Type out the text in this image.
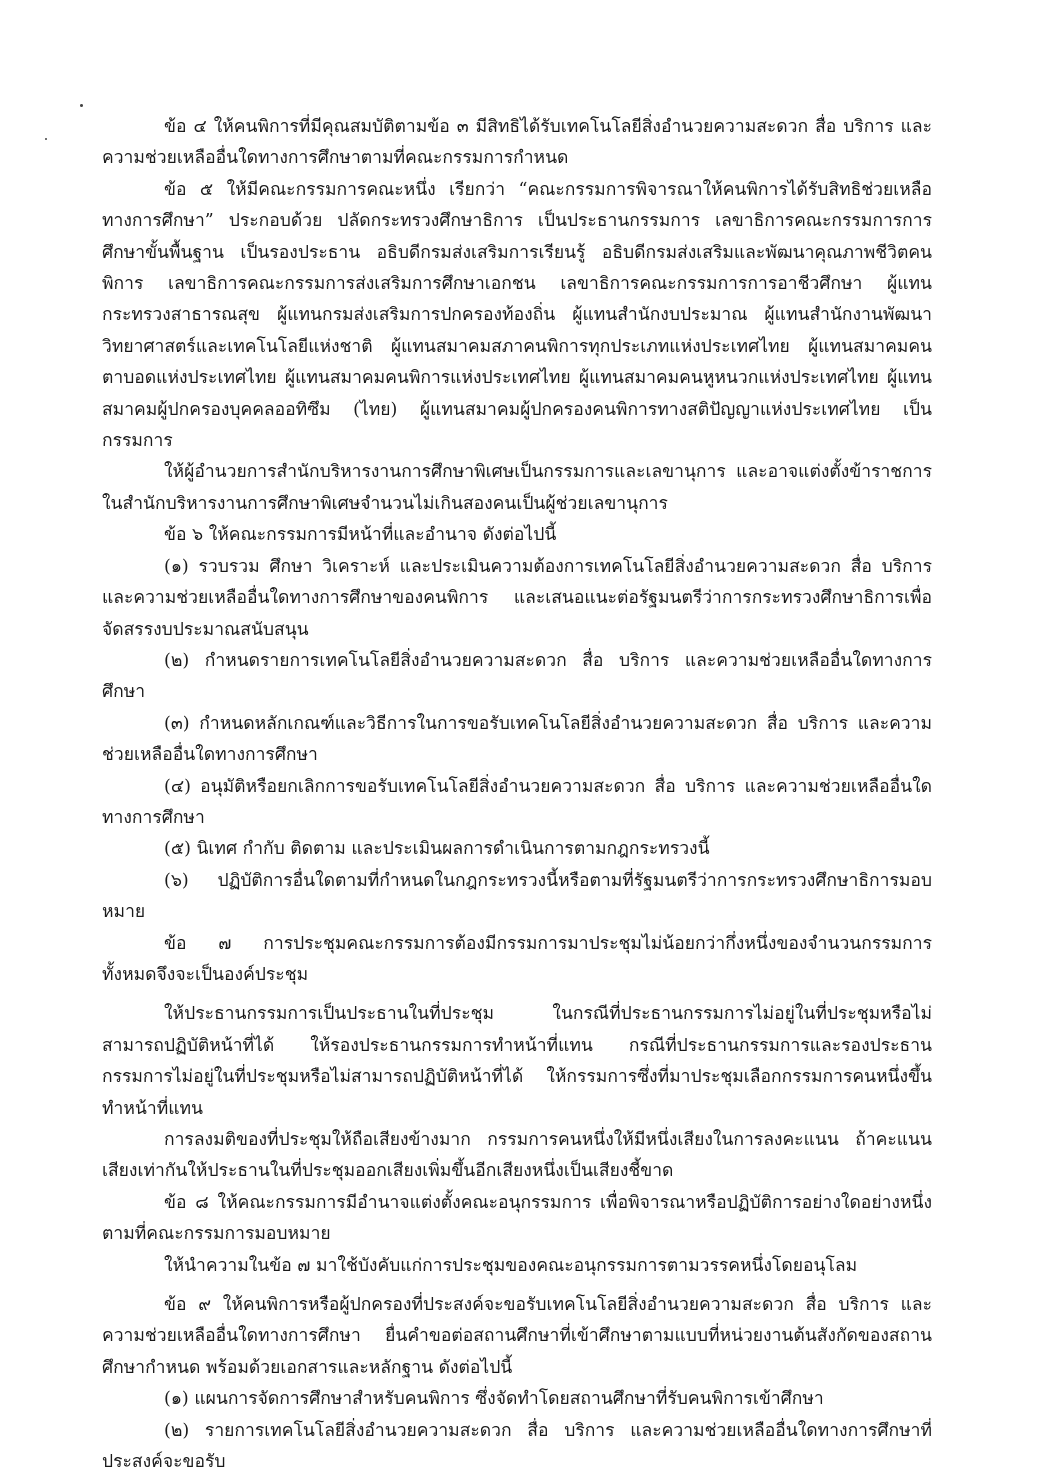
ข้อ ๔ ให้คนพิการที่มีคุณสมบัติตามข้อ ๓ มีสิทธิได้รับเทคโนโลยีสิ่งอำนวยความสะดวก สื่อ บริการ และความช่วยเหลืออื่นใดทางการศึกษาตามที่คณะกรรมการกำหนด

ข้อ ๕ ให้มีคณะกรรมการคณะหนึ่ง เรียกว่า “คณะกรรมการพิจารณาให้คนพิการได้รับสิทธิช่วยเหลือทางการศึกษา” ประกอบด้วย ปลัดกระทรวงศึกษาธิการ เป็นประธานกรรมการ เลขาธิการคณะกรรมการการศึกษาขั้นพื้นฐาน เป็นรองประธาน อธิบดีกรมส่งเสริมการเรียนรู้ อธิบดีกรมส่งเสริมและพัฒนาคุณภาพชีวิตคนพิการ เลขาธิการคณะกรรมการส่งเสริมการศึกษาเอกชน เลขาธิการคณะกรรมการการอาชีวศึกษา ผู้แทนกระทรวงสาธารณสุข ผู้แทนกรมส่งเสริมการปกครองท้องถิ่น ผู้แทนสำนักงบประมาณ ผู้แทนสำนักงานพัฒนาวิทยาศาสตร์และเทคโนโลยีแห่งชาติ ผู้แทนสมาคมสภาคนพิการทุกประเภทแห่งประเทศไทย ผู้แทนสมาคมคนตาบอดแห่งประเทศไทย ผู้แทนสมาคมคนพิการแห่งประเทศไทย ผู้แทนสมาคมคนหูหนวกแห่งประเทศไทย ผู้แทนสมาคมผู้ปกครองบุคคลออทิซึม (ไทย) ผู้แทนสมาคมผู้ปกครองคนพิการทางสติปัญญาแห่งประเทศไทย เป็นกรรมการ

ให้ผู้อำนวยการสำนักบริหารงานการศึกษาพิเศษเป็นกรรมการและเลขานุการ และอาจแต่งตั้งข้าราชการในสำนักบริหารงานการศึกษาพิเศษจำนวนไม่เกินสองคนเป็นผู้ช่วยเลขานุการ

ข้อ ๖ ให้คณะกรรมการมีหน้าที่และอำนาจ ดังต่อไปนี้

(๑) รวบรวม ศึกษา วิเคราะห์ และประเมินความต้องการเทคโนโลยีสิ่งอำนวยความสะดวก สื่อ บริการ และความช่วยเหลืออื่นใดทางการศึกษาของคนพิการ และเสนอแนะต่อรัฐมนตรีว่าการกระทรวงศึกษาธิการเพื่อจัดสรรงบประมาณสนับสนุน

(๒) กำหนดรายการเทคโนโลยีสิ่งอำนวยความสะดวก สื่อ บริการ และความช่วยเหลืออื่นใดทางการศึกษา

(๓) กำหนดหลักเกณฑ์และวิธีการในการขอรับเทคโนโลยีสิ่งอำนวยความสะดวก สื่อ บริการ และความช่วยเหลืออื่นใดทางการศึกษา

(๔) อนุมัติหรือยกเลิกการขอรับเทคโนโลยีสิ่งอำนวยความสะดวก สื่อ บริการ และความช่วยเหลืออื่นใดทางการศึกษา

(๕) นิเทศ กำกับ ติดตาม และประเมินผลการดำเนินการตามกฎกระทรวงนี้

(๖) ปฏิบัติการอื่นใดตามที่กำหนดในกฎกระทรวงนี้หรือตามที่รัฐมนตรีว่าการกระทรวงศึกษาธิการมอบหมาย

ข้อ ๗ การประชุมคณะกรรมการต้องมีกรรมการมาประชุมไม่น้อยกว่ากึ่งหนึ่งของจำนวนกรรมการทั้งหมดจึงจะเป็นองค์ประชุม

ให้ประธานกรรมการเป็นประธานในที่ประชุม ในกรณีที่ประธานกรรมการไม่อยู่ในที่ประชุมหรือไม่สามารถปฏิบัติหน้าที่ได้ ให้รองประธานกรรมการทำหน้าที่แทน กรณีที่ประธานกรรมการและรองประธานกรรมการไม่อยู่ในที่ประชุมหรือไม่สามารถปฏิบัติหน้าที่ได้ ให้กรรมการซึ่งที่มาประชุมเลือกกรรมการคนหนึ่งขึ้นทำหน้าที่แทน

การลงมติของที่ประชุมให้ถือเสียงข้างมาก กรรมการคนหนึ่งให้มีหนึ่งเสียงในการลงคะแนน ถ้าคะแนนเสียงเท่ากันให้ประธานในที่ประชุมออกเสียงเพิ่มขึ้นอีกเสียงหนึ่งเป็นเสียงชี้ขาด

ข้อ ๘ ให้คณะกรรมการมีอำนาจแต่งตั้งคณะอนุกรรมการ เพื่อพิจารณาหรือปฏิบัติการอย่างใดอย่างหนึ่งตามที่คณะกรรมการมอบหมาย

ให้นำความในข้อ ๗ มาใช้บังคับแก่การประชุมของคณะอนุกรรมการตามวรรคหนึ่งโดยอนุโลม

ข้อ ๙ ให้คนพิการหรือผู้ปกครองที่ประสงค์จะขอรับเทคโนโลยีสิ่งอำนวยความสะดวก สื่อ บริการ และความช่วยเหลืออื่นใดทางการศึกษา ยื่นคำขอต่อสถานศึกษาที่เข้าศึกษาตามแบบที่หน่วยงานต้นสังกัดของสถานศึกษากำหนด พร้อมด้วยเอกสารและหลักฐาน ดังต่อไปนี้

(๑) แผนการจัดการศึกษาสำหรับคนพิการ ซึ่งจัดทำโดยสถานศึกษาที่รับคนพิการเข้าศึกษา

(๒) รายการเทคโนโลยีสิ่งอำนวยความสะดวก สื่อ บริการ และความช่วยเหลืออื่นใดทางการศึกษาที่ประสงค์จะขอรับ
